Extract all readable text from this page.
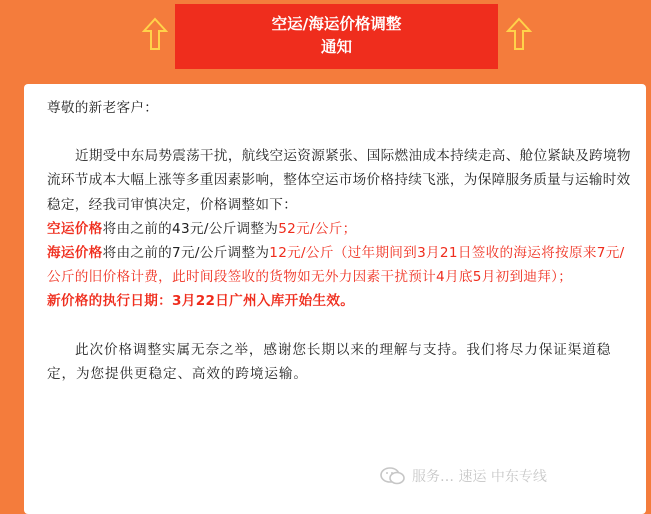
空运/海运价格调整
通知

尊敬的新老客户：

近期受中东局势震荡干扰，航线空运资源紧张、国际燃油成本持续走高、舱位紧缺及跨境物流环节成本大幅上涨等多重因素影响，整体空运市场价格持续飞涨，为保障服务质量与运输时效稳定，经我司审慎决定，价格调整如下：

空运价格将由之前的43元/公斤调整为52元/公斤；

海运价格将由之前的7元/公斤调整为12元/公斤（过年期间到3月21日签收的海运将按原来7元/公斤的旧价格计费，此时间段签收的货物如无外力因素干扰预计4月底5月初到迪拜）；

新价格的执行日期：3月22日广州入库开始生效。

此次价格调整实属无奈之举，感谢您长期以来的理解与支持。我们将尽力保证渠道稳定，为您提供更稳定、高效的跨境运输。

服务… 速运 中东专线
